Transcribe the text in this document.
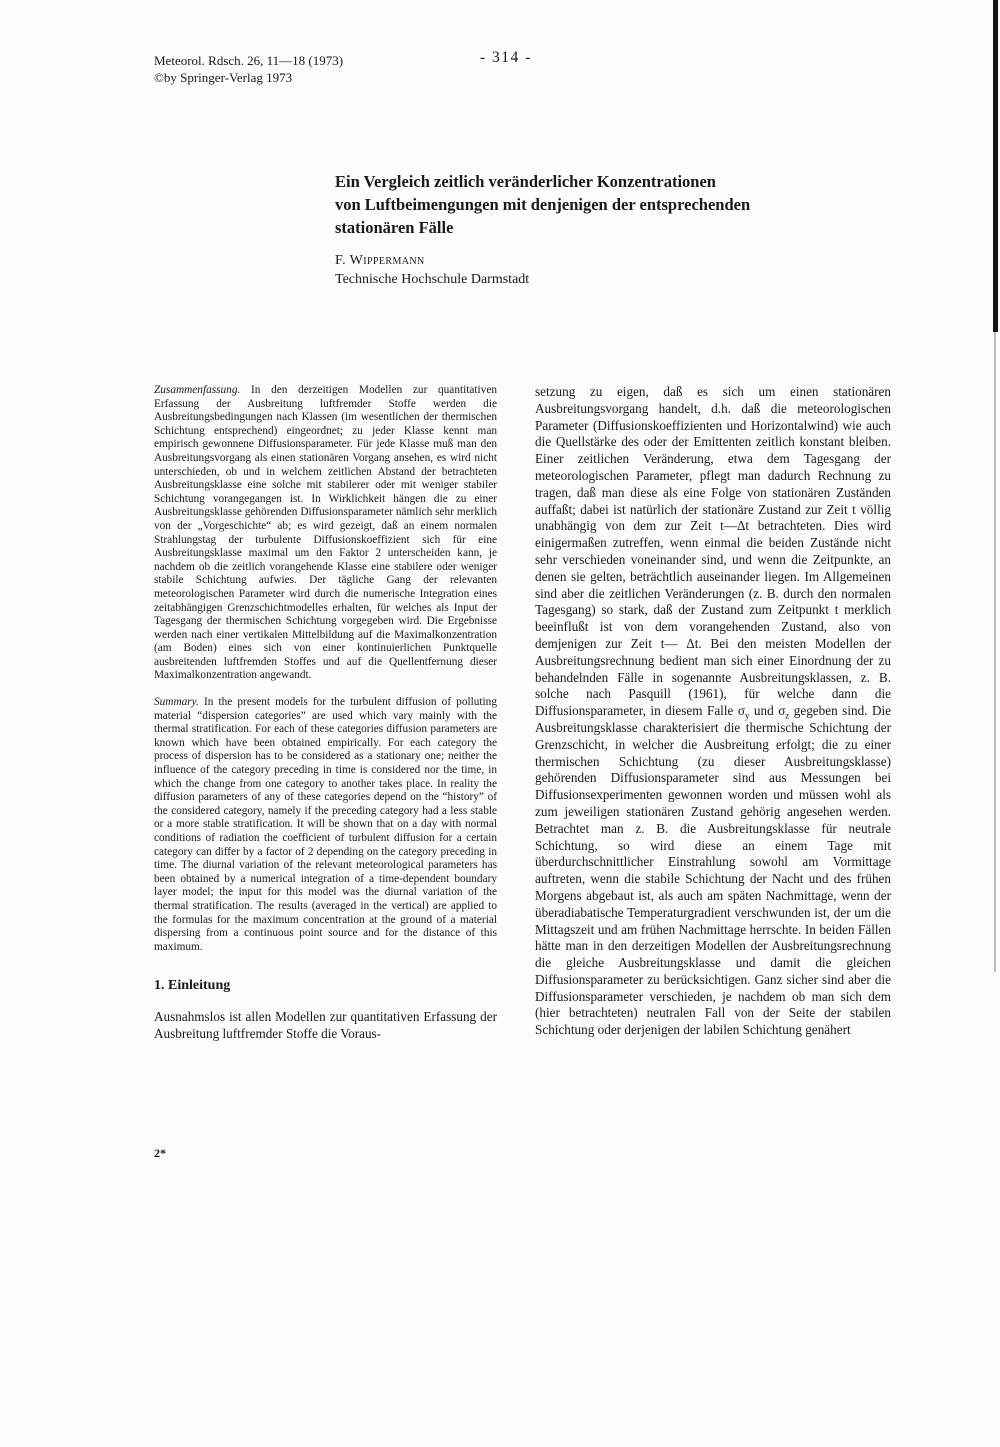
Meteorol. Rdsch. 26, 11—18 (1973)
©by Springer-Verlag 1973
- 314 -
Ein Vergleich zeitlich veränderlicher Konzentrationen
von Luftbeimengungen mit denjenigen der entsprechenden
stationären Fälle
F. Wippermann
Technische Hochschule Darmstadt

Zusammenfassung. In den derzeitigen Modellen zur quantitativen Erfassung der Ausbreitung luftfremder Stoffe werden die Ausbreitungsbedingungen nach Klassen (im wesentlichen der thermischen Schichtung entsprechend) eingeordnet; zu jeder Klasse kennt man empirisch gewonnene Diffusionsparameter. Für jede Klasse muß man den Ausbreitungsvorgang als einen stationären Vorgang ansehen, es wird nicht unterschieden, ob und in welchem zeitlichen Abstand der betrachteten Ausbreitungsklasse eine solche mit stabilerer oder mit weniger stabiler Schichtung vorangegangen ist. In Wirklichkeit hängen die zu einer Ausbreitungsklasse gehörenden Diffusionsparameter nämlich sehr merklich von der „Vorgeschichte“ ab; es wird gezeigt, daß an einem normalen Strahlungstag der turbulente Diffusionskoeffizient sich für eine Ausbreitungsklasse maximal um den Faktor 2 unterscheiden kann, je nachdem ob die zeitlich vorangehende Klasse eine stabilere oder weniger stabile Schichtung aufwies. Der tägliche Gang der relevanten meteorologischen Parameter wird durch die numerische Integration eines zeitabhängigen Grenzschichtmodelles erhalten, für welches als Input der Tagesgang der thermischen Schichtung vorgegeben wird. Die Ergebnisse werden nach einer vertikalen Mittelbildung auf die Maximalkonzentration (am Boden) eines sich von einer kontinuierlichen Punktquelle ausbreitenden luftfremden Stoffes und auf die Quellentfernung dieser Maximalkonzentration angewandt.

Summary. In the present models for the turbulent diffusion of polluting material “dispersion categories” are used which vary mainly with the thermal stratification. For each of these categories diffusion parameters are known which have been obtained empirically. For each category the process of dispersion has to be considered as a stationary one; neither the influence of the category preceding in time is considered nor the time, in which the change from one category to another takes place. In reality the diffusion parameters of any of these categories depend on the “history” of the considered category, namely if the preceding category had a less stable or a more stable stratification. It will be shown that on a day with normal conditions of radiation the coefficient of turbulent diffusion for a certain category can differ by a factor of 2 depending on the category preceding in time. The diurnal variation of the relevant meteorological parameters has been obtained by a numerical integration of a time-dependent boundary layer model; the input for this model was the diurnal variation of the thermal stratification. The results (averaged in the vertical) are applied to the formulas for the maximum concentration at the ground of a material dispersing from a continuous point source and for the distance of this maximum.

1. Einleitung

Ausnahmslos ist allen Modellen zur quantitativen Erfassung der Ausbreitung luftfremder Stoffe die Voraus-

setzung zu eigen, daß es sich um einen stationären Ausbreitungsvorgang handelt, d.h. daß die meteorologischen Parameter (Diffusionskoeffizienten und Horizontalwind) wie auch die Quellstärke des oder der Emittenten zeitlich konstant bleiben. Einer zeitlichen Veränderung, etwa dem Tagesgang der meteorologischen Parameter, pflegt man dadurch Rechnung zu tragen, daß man diese als eine Folge von stationären Zuständen auffaßt; dabei ist natürlich der stationäre Zustand zur Zeit t völlig unabhängig von dem zur Zeit t—Δt betrachteten. Dies wird einigermaßen zutreffen, wenn einmal die beiden Zustände nicht sehr verschieden voneinander sind, und wenn die Zeitpunkte, an denen sie gelten, beträchtlich auseinander liegen. Im Allgemeinen sind aber die zeitlichen Veränderungen (z. B. durch den normalen Tagesgang) so stark, daß der Zustand zum Zeitpunkt t merklich beeinflußt ist von dem vorangehenden Zustand, also von demjenigen zur Zeit t— Δt. Bei den meisten Modellen der Ausbreitungsrechnung bedient man sich einer Einordnung der zu behandelnden Fälle in sogenannte Ausbreitungsklassen, z. B. solche nach Pasquill (1961), für welche dann die Diffusionsparameter, in diesem Falle $\sigma_y$ und $\sigma_z$ gegeben sind. Die Ausbreitungsklasse charakterisiert die thermische Schichtung der Grenzschicht, in welcher die Ausbreitung erfolgt; die zu einer thermischen Schichtung (zu dieser Ausbreitungsklasse) gehörenden Diffusionsparameter sind aus Messungen bei Diffusionsexperimenten gewonnen worden und müssen wohl als zum jeweiligen stationären Zustand gehörig angesehen werden. Betrachtet man z. B. die Ausbreitungsklasse für neutrale Schichtung, so wird diese an einem Tage mit überdurchschnittlicher Einstrahlung sowohl am Vormittage auftreten, wenn die stabile Schichtung der Nacht und des frühen Morgens abgebaut ist, als auch am späten Nachmittage, wenn der überadiabatische Temperaturgradient verschwunden ist, der um die Mittagszeit und am frühen Nachmittage herrschte. In beiden Fällen hätte man in den derzeitigen Modellen der Ausbreitungsrechnung die gleiche Ausbreitungsklasse und damit die gleichen Diffusionsparameter zu berücksichtigen. Ganz sicher sind aber die Diffusionsparameter verschieden, je nachdem ob man sich dem (hier betrachteten) neutralen Fall von der Seite der stabilen Schichtung oder derjenigen der labilen Schichtung genähert

2*
